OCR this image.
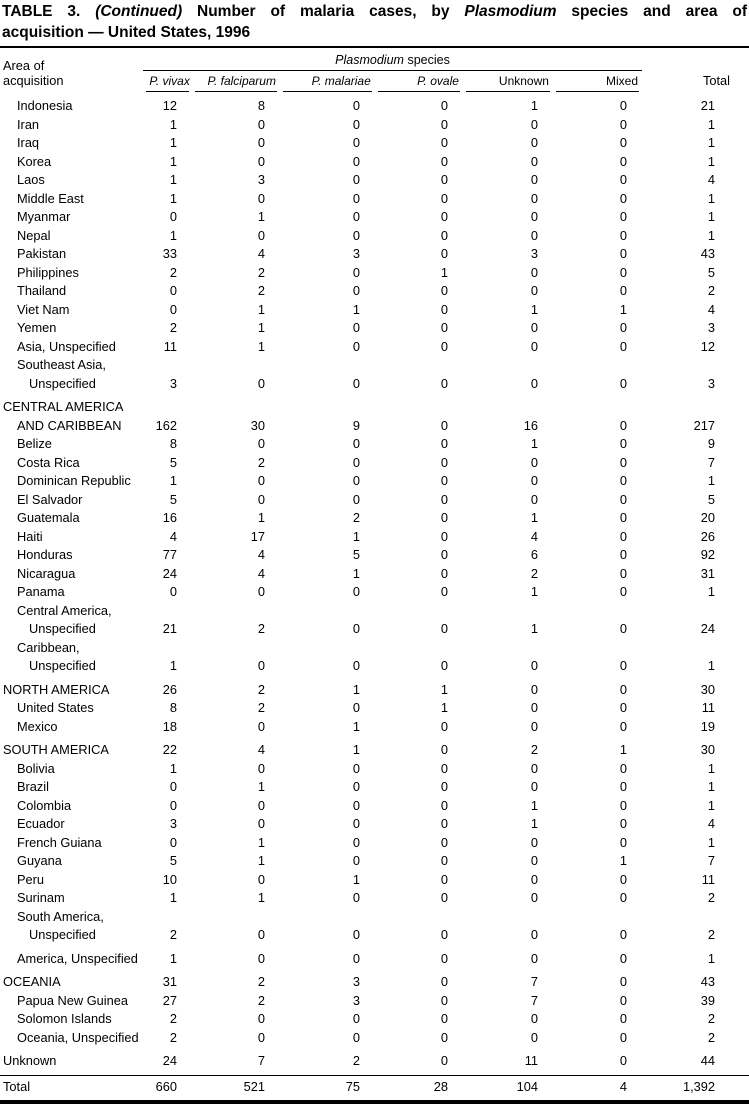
TABLE 3. (Continued) Number of malaria cases, by Plasmodium species and area of
acquisition — United States, 1996
Area of
acquisition
Plasmodium species
P. vivax	P. falciparum	P. malariae	P. ovale	Unknown	Mixed	Total
Indonesia	12	8	0	0	1	0	21
Iran	1	0	0	0	0	0	1
Iraq	1	0	0	0	0	0	1
Korea	1	0	0	0	0	0	1
Laos	1	3	0	0	0	0	4
Middle East	1	0	0	0	0	0	1
Myanmar	0	1	0	0	0	0	1
Nepal	1	0	0	0	0	0	1
Pakistan	33	4	3	0	3	0	43
Philippines	2	2	0	1	0	0	5
Thailand	0	2	0	0	0	0	2
Viet Nam	0	1	1	0	1	1	4
Yemen	2	1	0	0	0	0	3
Asia, Unspecified	11	1	0	0	0	0	12
Southeast Asia,
Unspecified	3	0	0	0	0	0	3
CENTRAL AMERICA
AND CARIBBEAN	162	30	9	0	16	0	217
Belize	8	0	0	0	1	0	9
Costa Rica	5	2	0	0	0	0	7
Dominican Republic	1	0	0	0	0	0	1
El Salvador	5	0	0	0	0	0	5
Guatemala	16	1	2	0	1	0	20
Haiti	4	17	1	0	4	0	26
Honduras	77	4	5	0	6	0	92
Nicaragua	24	4	1	0	2	0	31
Panama	0	0	0	0	1	0	1
Central America,
Unspecified	21	2	0	0	1	0	24
Caribbean,
Unspecified	1	0	0	0	0	0	1
NORTH AMERICA	26	2	1	1	0	0	30
United States	8	2	0	1	0	0	11
Mexico	18	0	1	0	0	0	19
SOUTH AMERICA	22	4	1	0	2	1	30
Bolivia	1	0	0	0	0	0	1
Brazil	0	1	0	0	0	0	1
Colombia	0	0	0	0	1	0	1
Ecuador	3	0	0	0	1	0	4
French Guiana	0	1	0	0	0	0	1
Guyana	5	1	0	0	0	1	7
Peru	10	0	1	0	0	0	11
Surinam	1	1	0	0	0	0	2
South America,
Unspecified	2	0	0	0	0	0	2
America, Unspecified	1	0	0	0	0	0	1
OCEANIA	31	2	3	0	7	0	43
Papua New Guinea	27	2	3	0	7	0	39
Solomon Islands	2	0	0	0	0	0	2
Oceania, Unspecified	2	0	0	0	0	0	2
Unknown	24	7	2	0	11	0	44
Total	660	521	75	28	104	4	1,392
